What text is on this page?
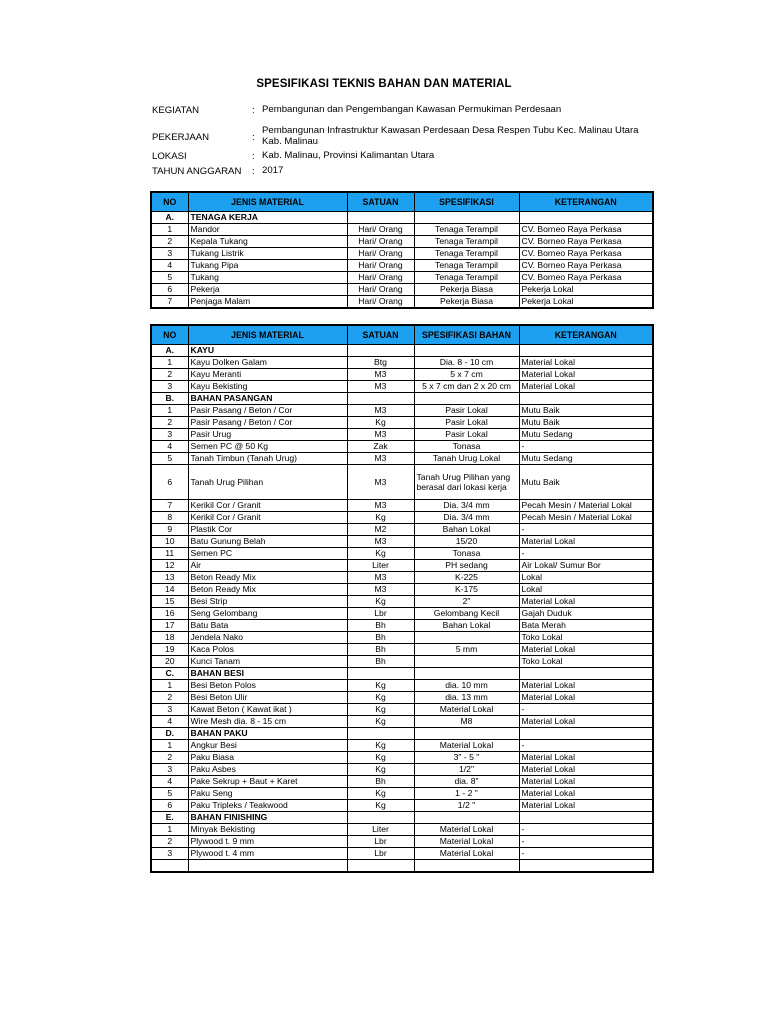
SPESIFIKASI TEKNIS BAHAN DAN MATERIAL
KEGIATAN	: Pembangunan dan Pengembangan Kawasan Permukiman Perdesaan
PEKERJAAN	:
Pembangunan Infrastruktur Kawasan Perdesaan Desa Respen Tubu Kec. Malinau Utara Kab. Malinau
LOKASI	: Kab. Malinau, Provinsi Kalimantan Utara
TAHUN ANGGARAN : 2017
NO	JENIS MATERIAL	SATUAN	SPESIFIKASI	KETERANGAN
A.	TENAGA KERJA			
1	Mandor	Hari/ Orang	Tenaga Terampil	CV. Borneo Raya Perkasa
2	Kepala Tukang	Hari/ Orang	Tenaga Terampil	CV. Borneo Raya Perkasa
3	Tukang Listrik	Hari/ Orang	Tenaga Terampil	CV. Borneo Raya Perkasa
4	Tukang Pipa	Hari/ Orang	Tenaga Terampil	CV. Borneo Raya Perkasa
5	Tukang	Hari/ Orang	Tenaga Terampil	CV. Borneo Raya Perkasa
6	Pekerja	Hari/ Orang	Pekerja Biasa	Pekerja Lokal
7	Penjaga Malam	Hari/ Orang	Pekerja Biasa	Pekerja Lokal
NO	JENIS MATERIAL	SATUAN	SPESIFIKASI BAHAN	KETERANGAN
A.	KAYU			
1	Kayu Dolken Galam	Btg	Dia. 8 - 10 cm	Material Lokal
2	Kayu Meranti	M3	5 x 7 cm	Material Lokal
3	Kayu Bekisting	M3	5 x 7 cm dan 2 x 20 cm	Material Lokal
B.	BAHAN PASANGAN			
1	Pasir Pasang / Beton / Cor	M3	Pasir Lokal	Mutu Baik
2	Pasir Pasang / Beton / Cor	Kg	Pasir Lokal	Mutu Baik
3	Pasir Urug	M3	Pasir Lokal	Mutu Sedang
4	Semen PC @ 50 Kg	Zak	Tonasa	-
5	Tanah Timbun (Tanah Urug)	M3	Tanah Urug Lokal	Mutu Sedang
6	Tanah Urug Pilihan	M3	Tanah Urug Pilihan yang berasal dari lokasi kerja	Mutu Baik
7	Kerikil Cor / Granit	M3	Dia. 3/4 mm	Pecah Mesin / Material Lokal
8	Kerikil Cor / Granit	Kg	Dia. 3/4 mm	Pecah Mesin / Material Lokal
9	Plastik Cor	M2	Bahan Lokal	-
10	Batu Gunung Belah	M3	15/20	Material Lokal
11	Semen PC	Kg	Tonasa	-
12	Air	Liter	PH sedang	Air Lokal/ Sumur Bor
13	Beton Ready Mix	M3	K-225	Lokal
14	Beton Ready Mix	M3	K-175	Lokal
15	Besi Strip	Kg	2"	Material Lokal
16	Seng Gelombang	Lbr	Gelombang Kecil	Gajah Duduk
17	Batu Bata	Bh	Bahan Lokal	Bata Merah
18	Jendela Nako	Bh		Toko Lokal
19	Kaca Polos	Bh	5 mm	Material Lokal
20	Kunci Tanam	Bh		Toko Lokal
C.	BAHAN BESI			
1	Besi Beton Polos	Kg	dia. 10 mm	Material Lokal
2	Besi Beton Ulir	Kg	dia. 13 mm	Material Lokal
3	Kawat Beton ( Kawat ikat )	Kg	Material Lokal	-
4	Wire Mesh dia. 8 - 15 cm	Kg	M8	Material Lokal
D.	BAHAN PAKU			
1	Angkur Besi	Kg	Material Lokal	-
2	Paku Biasa	Kg	3" - 5 "	Material Lokal
3	Paku Asbes	Kg	1/2"	Material Lokal
4	Pake Sekrup + Baut + Karet	Bh	dia. 8"	Material Lokal
5	Paku Seng	Kg	1 - 2 "	Material Lokal
6	Paku Tripleks / Teakwood	Kg	1/2 "	Material Lokal
E.	BAHAN FINISHING			
1	Minyak Bekisting	Liter	Material Lokal	-
2	Plywood t. 9 mm	Lbr	Material Lokal	-
3	Plywood t. 4 mm	Lbr	Material Lokal	-
